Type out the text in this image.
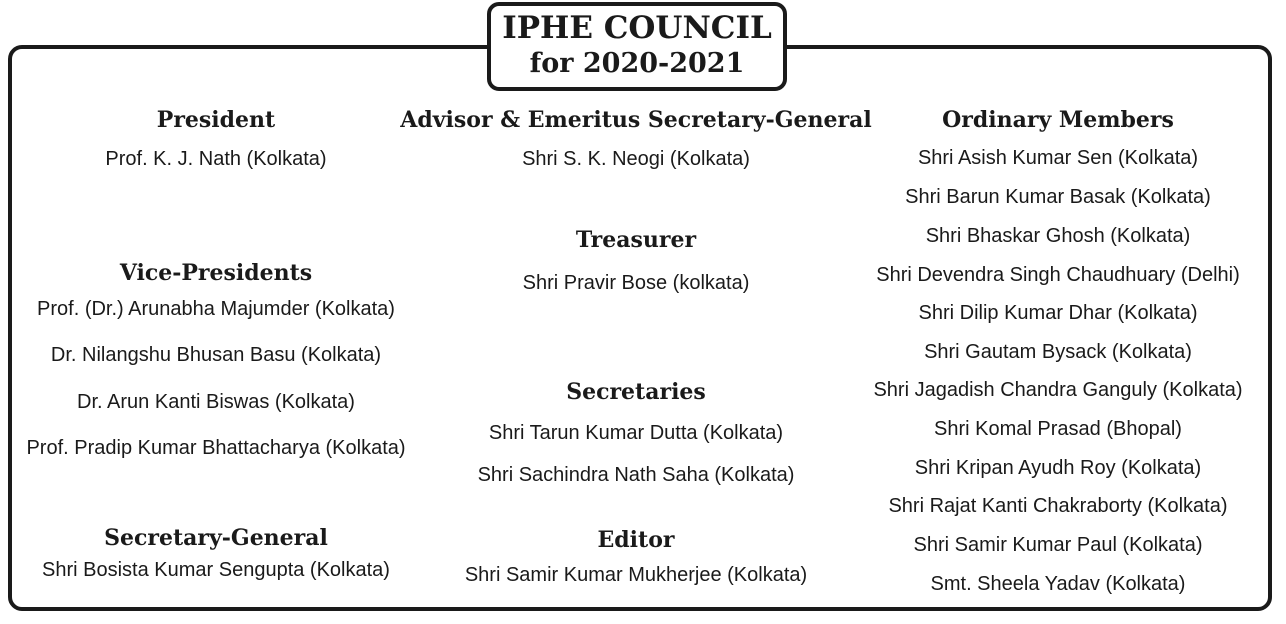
IPHE COUNCIL
for 2020-2021
President
Prof. K. J. Nath (Kolkata)
Vice-Presidents
Prof. (Dr.) Arunabha Majumder (Kolkata)
Dr. Nilangshu Bhusan Basu (Kolkata)
Dr. Arun Kanti Biswas (Kolkata)
Prof. Pradip Kumar Bhattacharya (Kolkata)
Secretary-General
Shri Bosista Kumar Sengupta (Kolkata)
Advisor & Emeritus Secretary-General
Shri S. K. Neogi (Kolkata)
Treasurer
Shri Pravir Bose (kolkata)
Secretaries
Shri Tarun Kumar Dutta (Kolkata)
Shri Sachindra Nath Saha (Kolkata)
Editor
Shri Samir Kumar Mukherjee (Kolkata)
Ordinary Members
Shri Asish Kumar Sen (Kolkata)
Shri Barun Kumar Basak (Kolkata)
Shri Bhaskar Ghosh (Kolkata)
Shri Devendra Singh Chaudhuary (Delhi)
Shri Dilip Kumar Dhar (Kolkata)
Shri Gautam Bysack (Kolkata)
Shri Jagadish Chandra Ganguly (Kolkata)
Shri Komal Prasad (Bhopal)
Shri Kripan Ayudh Roy (Kolkata)
Shri Rajat Kanti Chakraborty (Kolkata)
Shri Samir Kumar Paul (Kolkata)
Smt. Sheela Yadav (Kolkata)
